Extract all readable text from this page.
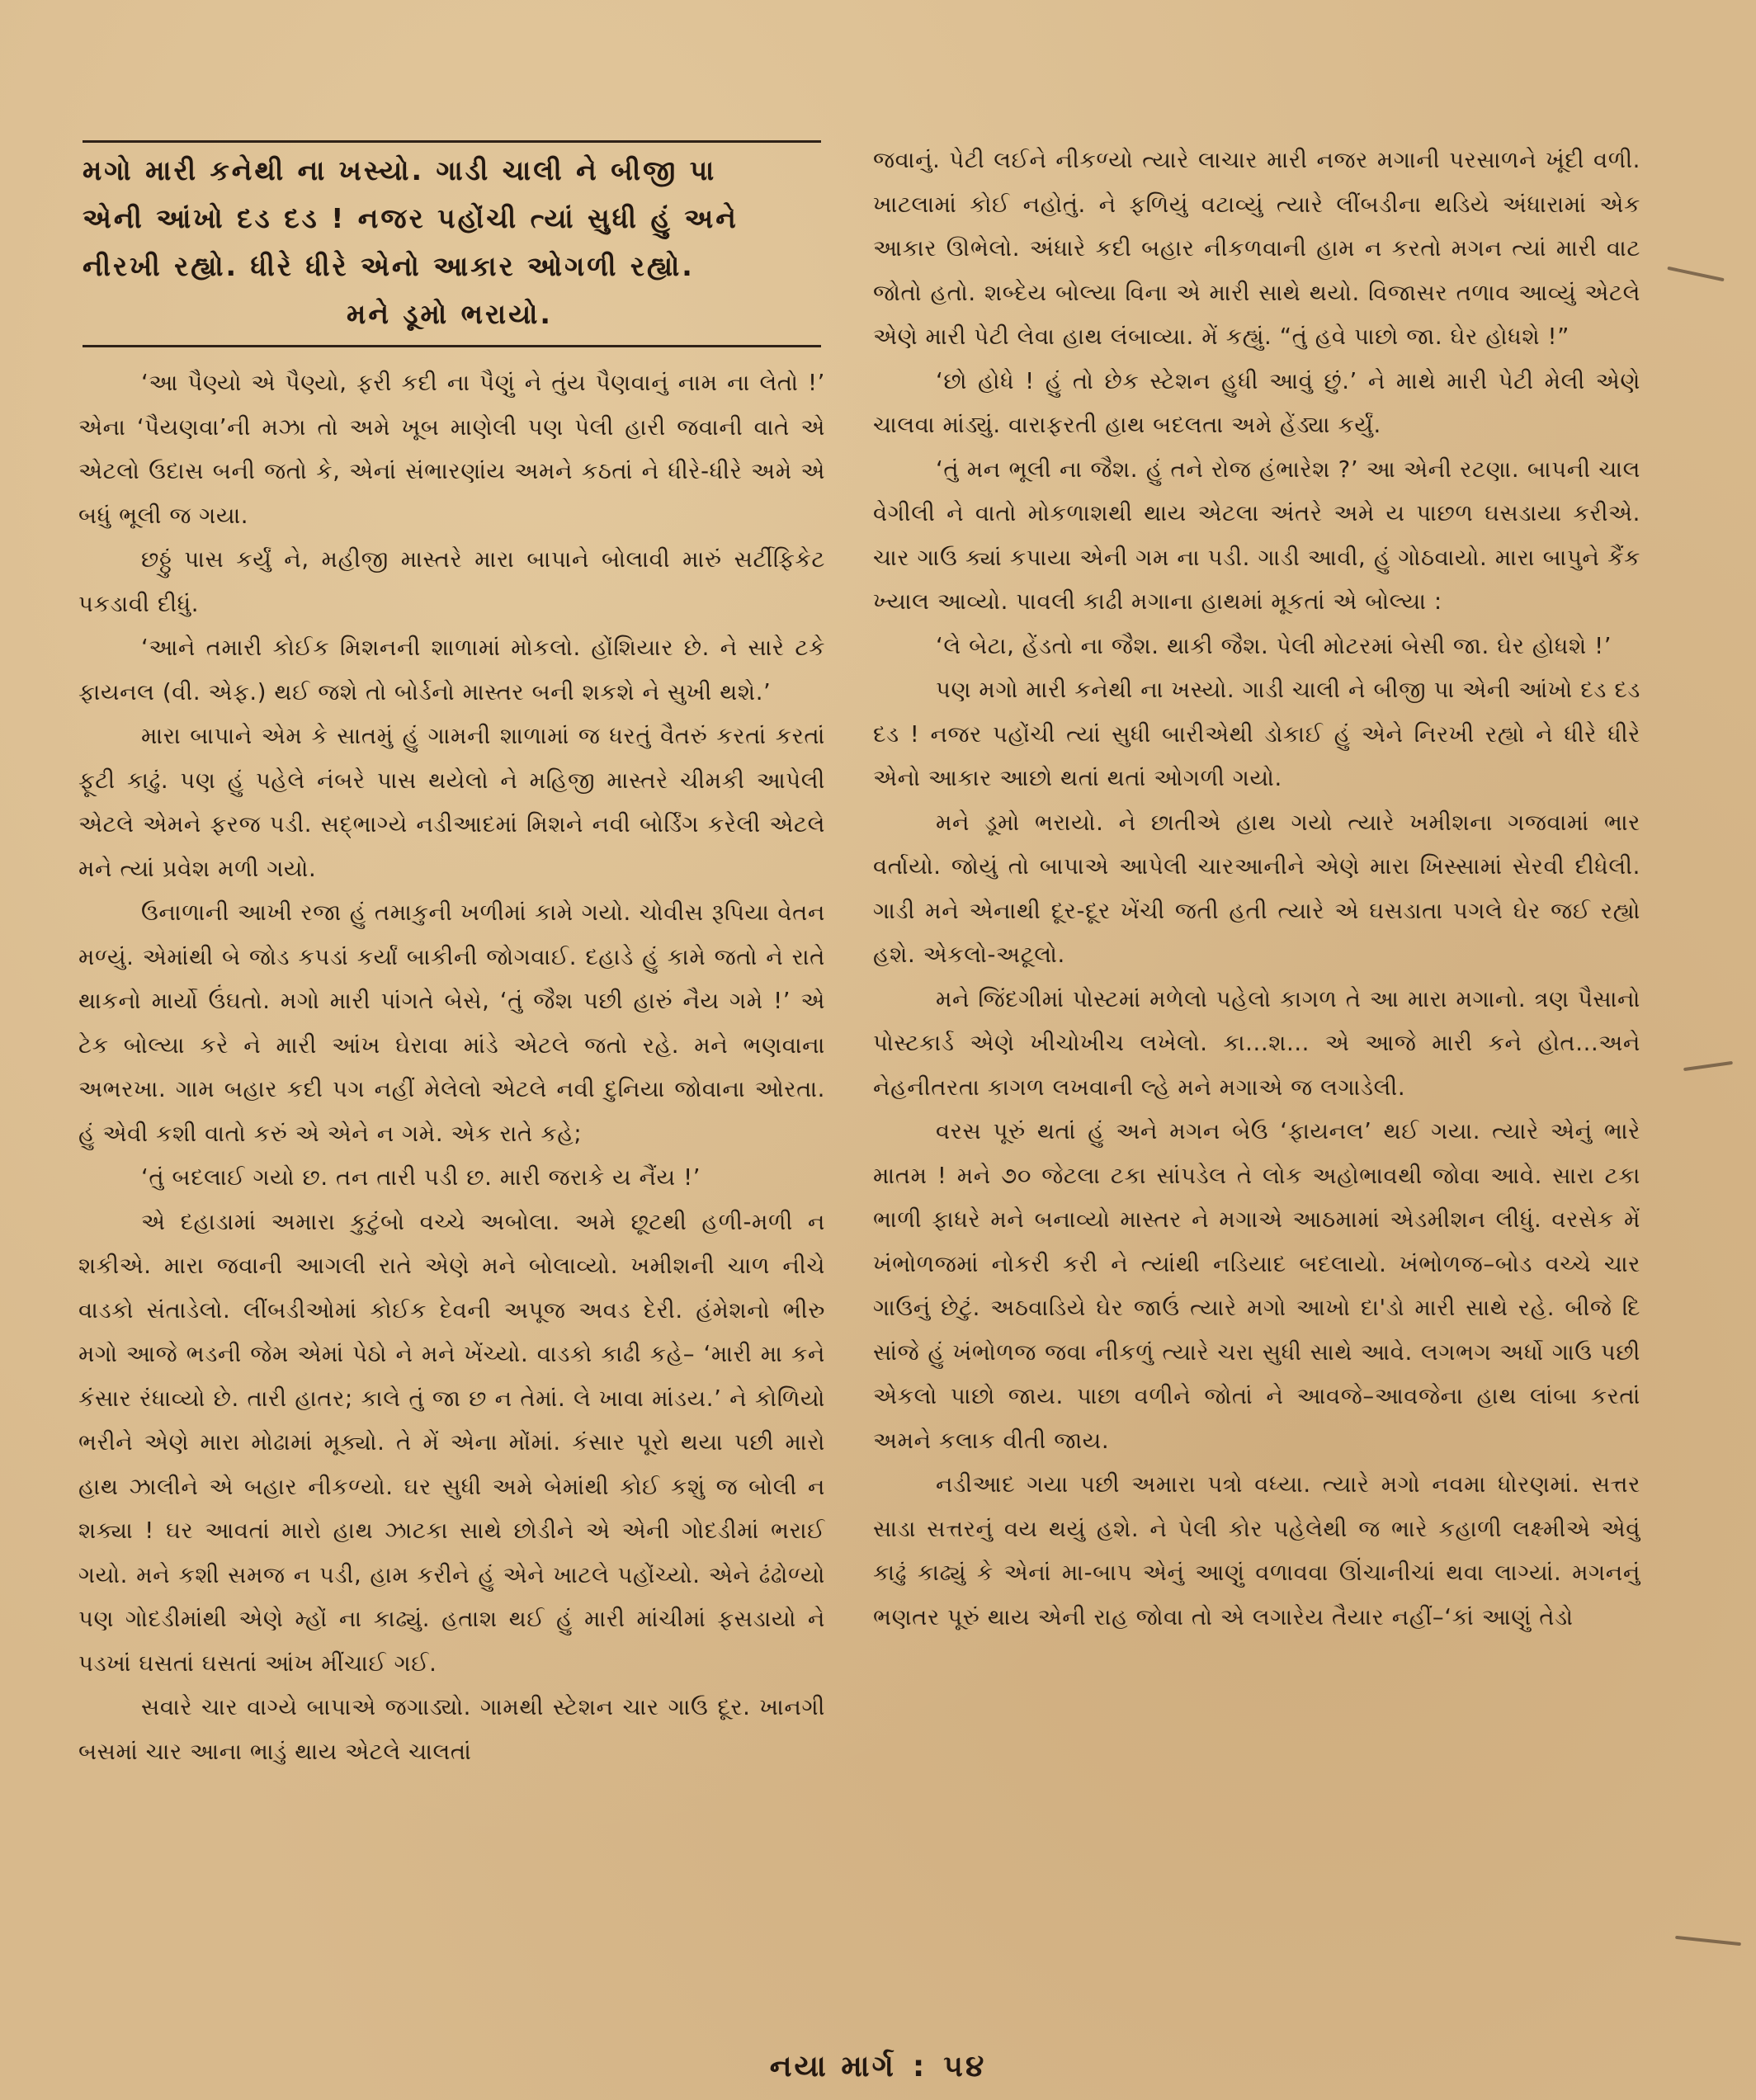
મગો મારી કનેથી ના ખસ્યો. ગાડી ચાલી ને બીજી પા
એની આંખો દડ દડ ! નજર પહોંચી ત્યાં સુધી હું અને
નીરખી રહ્યો. ધીરે ધીરે એનો આકાર ઓગળી રહ્યો.
મને ડૂમો ભરાયો.

‘આ પૈણ્યો એ પૈણ્યો, ફરી કદી ના પૈણું ને તુંય પૈણવાનું નામ ના લેતો !’ એના ‘પૈયણવા’ની મઝા તો અમે ખૂબ માણેલી પણ પેલી હારી જવાની વાતે એ એટલો ઉદાસ બની જતો કે, એનાં સંભારણાંય અમને કઠતાં ને ધીરે-ધીરે અમે એ બધું ભૂલી જ ગયા.

છઠ્ઠું પાસ કર્યું ને, મહીજી માસ્તરે મારા બાપાને બોલાવી મારું સર્ટીફિકેટ પકડાવી દીધું.

‘આને તમારી કોઈક મિશનની શાળામાં મોકલો. હોંશિયાર છે. ને સારે ટકે ફાયનલ (વી. એફ.) થઈ જશે તો બોર્ડનો માસ્તર બની શકશે ને સુખી થશે.’

મારા બાપાને એમ કે સાતમું હું ગામની શાળામાં જ ધરતું વૈતરું કરતાં કરતાં ફૂટી કાઢું. પણ હું પહેલે નંબરે પાસ થયેલો ને મહિજી માસ્તરે ચીમકી આપેલી એટલે એમને ફરજ પડી. સદ્‌ભાગ્યે નડીઆદમાં મિશને નવી બોર્ડિંગ કરેલી એટલે મને ત્યાં પ્રવેશ મળી ગયો.

ઉનાળાની આખી રજા હું તમાકુની ખળીમાં કામે ગયો. ચોવીસ રૂપિયા વેતન મળ્યું. એમાંથી બે જોડ કપડાં કર્યાં બાકીની જોગવાઈ. દહાડે હું કામે જતો ને રાતે થાકનો માર્યો ઉંઘતો. મગો મારી પાંગતે બેસે, ‘તું જૈશ પછી હારું નૈય ગમે !’ એ ટેક બોલ્યા કરે ને મારી આંખ ઘેરાવા માંડે એટલે જતો રહે. મને ભણવાના અભરખા. ગામ બહાર કદી પગ નહીં મેલેલો એટલે નવી દુનિયા જોવાના ઓરતા. હું એવી કશી વાતો કરું એ એને ન ગમે. એક રાતે કહે;

‘તું બદલાઈ ગયો છ. તન તારી પડી છ. મારી જરાકે ય નૈંય !’

એ દહાડામાં અમારા કુટુંબો વચ્ચે અબોલા. અમે છૂટથી હળી-મળી ન શકીએ. મારા જવાની આગલી રાતે એણે મને બોલાવ્યો. ખમીશની ચાળ નીચે વાડકો સંતાડેલો. લીંબડીઓમાં કોઈક દેવની અપૂજ અવડ દેરી. હંમેશનો ભીરુ મગો આજે ભડની જેમ એમાં પેઠો ને મને ખેંચ્યો. વાડકો કાઢી કહે– ‘મારી મા કને કંસાર રંધાવ્યો છે. તારી હાતર; કાલે તું જા છ ન તેમાં. લે ખાવા માંડય.’ ને કોળિયો ભરીને એણે મારા મોઢામાં મૂક્યો. તે મેં એના મોંમાં. કંસાર પૂરો થયા પછી મારો હાથ ઝાલીને એ બહાર નીકળ્યો. ઘર સુધી અમે બેમાંથી કોઈ કશું જ બોલી ન શક્યા ! ઘર આવતાં મારો હાથ ઝાટકા સાથે છોડીને એ એની ગોદડીમાં ભરાઈ ગયો. મને કશી સમજ ન પડી, હામ કરીને હું એને ખાટલે પહોંચ્યો. એને ઢંઢોળ્યો પણ ગોદડીમાંથી એણે મ્હોં ના કાઢ્યું. હતાશ થઈ હું મારી માંચીમાં ફસડાયો ને પડખાં ઘસતાં ઘસતાં આંખ મીંચાઈ ગઈ.

સવારે ચાર વાગ્યે બાપાએ જગાડ્યો. ગામથી સ્ટેશન ચાર ગાઉ દૂર. ખાનગી બસમાં ચાર આના ભાડું થાય એટલે ચાલતાં

જવાનું. પેટી લઈને નીકળ્યો ત્યારે લાચાર મારી નજર મગાની પરસાળને ખૂંદી વળી. ખાટલામાં કોઈ નહોતું. ને ફળિયું વટાવ્યું ત્યારે લીંબડીના થડિયે અંધારામાં એક આકાર ઊભેલો. અંધારે કદી બહાર નીકળવાની હામ ન કરતો મગન ત્યાં મારી વાટ જોતો હતો. શબ્દેય બોલ્યા વિના એ મારી સાથે થયો. વિજાસર તળાવ આવ્યું એટલે એણે મારી પેટી લેવા હાથ લંબાવ્યા. મેં કહ્યું. “તું હવે પાછો જા. ઘેર હોધશે !”

‘છો હોધે ! હું તો છેક સ્ટેશન હુધી આવું છું.’ ને માથે મારી પેટી મેલી એણે ચાલવા માંડ્યું. વારાફરતી હાથ બદલતા અમે હેંડ્યા કર્યું.

‘તું મન ભૂલી ના જૈશ. હું તને રોજ હંભારેશ ?’ આ એની રટણા. બાપની ચાલ વેગીલી ને વાતો મોકળાશથી થાય એટલા અંતરે અમે ય પાછળ ઘસડાયા કરીએ. ચાર ગાઉ ક્યાં કપાયા એની ગમ ના પડી. ગાડી આવી, હું ગોઠવાયો. મારા બાપુને કૈંક ખ્યાલ આવ્યો. પાવલી કાઢી મગાના હાથમાં મૂકતાં એ બોલ્યા :

‘લે બેટા, હેંડતો ના જૈશ. થાકી જૈશ. પેલી મોટરમાં બેસી જા. ઘેર હોધશે !’

પણ મગો મારી કનેથી ના ખસ્યો. ગાડી ચાલી ને બીજી પા એની આંખો દડ દડ દડ ! નજર પહોંચી ત્યાં સુધી બારીએથી ડોકાઈ હું એને નિરખી રહ્યો ને ધીરે ધીરે એનો આકાર આછો થતાં થતાં ઓગળી ગયો.

મને ડૂમો ભરાયો. ને છાતીએ હાથ ગયો ત્યારે ખમીશના ગજવામાં ભાર વર્તાયો. જોયું તો બાપાએ આપેલી ચારઆનીને એણે મારા ખિસ્સામાં સેરવી દીધેલી. ગાડી મને એનાથી દૂર-દૂર ખેંચી જતી હતી ત્યારે એ ઘસડાતા પગલે ઘેર જઈ રહ્યો હશે. એકલો-અટૂલો.

મને જિંદગીમાં પોસ્ટમાં મળેલો પહેલો કાગળ તે આ મારા મગાનો. ત્રણ પૈસાનો પોસ્ટકાર્ડ એણે ખીચોખીચ લખેલો. કા...શ... એ આજે મારી કને હોત...અને નેહનીતરતા કાગળ લખવાની લ્હે મને મગાએ જ લગાડેલી.

વરસ પૂરું થતાં હું અને મગન બેઉ ‘ફાયનલ’ થઈ ગયા. ત્યારે એનું ભારે માતમ ! મને ૭૦ જેટલા ટકા સાંપડેલ તે લોક અહોભાવથી જોવા આવે. સારા ટકા ભાળી ફાધરે મને બનાવ્યો માસ્તર ને મગાએ આઠમામાં એડમીશન લીધું. વરસેક મેં ખંભોળજમાં નોકરી કરી ને ત્યાંથી નડિયાદ બદલાયો. ખંભોળજ–બોડ વચ્ચે ચાર ગાઉનું છેટું. અઠવાડિયે ઘેર જાઉં ત્યારે મગો આખો દા'ડો મારી સાથે રહે. બીજે દિ સાંજે હું ખંભોળજ જવા નીકળું ત્યારે ચરા સુધી સાથે આવે. લગભગ અર્ધો ગાઉ પછી એકલો પાછો જાય. પાછા વળીને જોતાં ને આવજે–આવજેના હાથ લાંબા કરતાં અમને કલાક વીતી જાય.

નડીઆદ ગયા પછી અમારા પત્રો વધ્યા. ત્યારે મગો નવમા ધોરણમાં. સત્તર સાડા સત્તરનું વય થયું હશે. ને પેલી કોર પહેલેથી જ ભારે કહાળી લક્ષ્મીએ એવું કાઢું કાઢ્યું કે એનાં મા-બાપ એનું આણું વળાવવા ઊંચાનીચાં થવા લાગ્યાં. મગનનું ભણતર પૂરું થાય એની રાહ જોવા તો એ લગારેય તૈયાર નહીં–‘કાં આણું તેડો

નયા માર્ગ : ૫૪
